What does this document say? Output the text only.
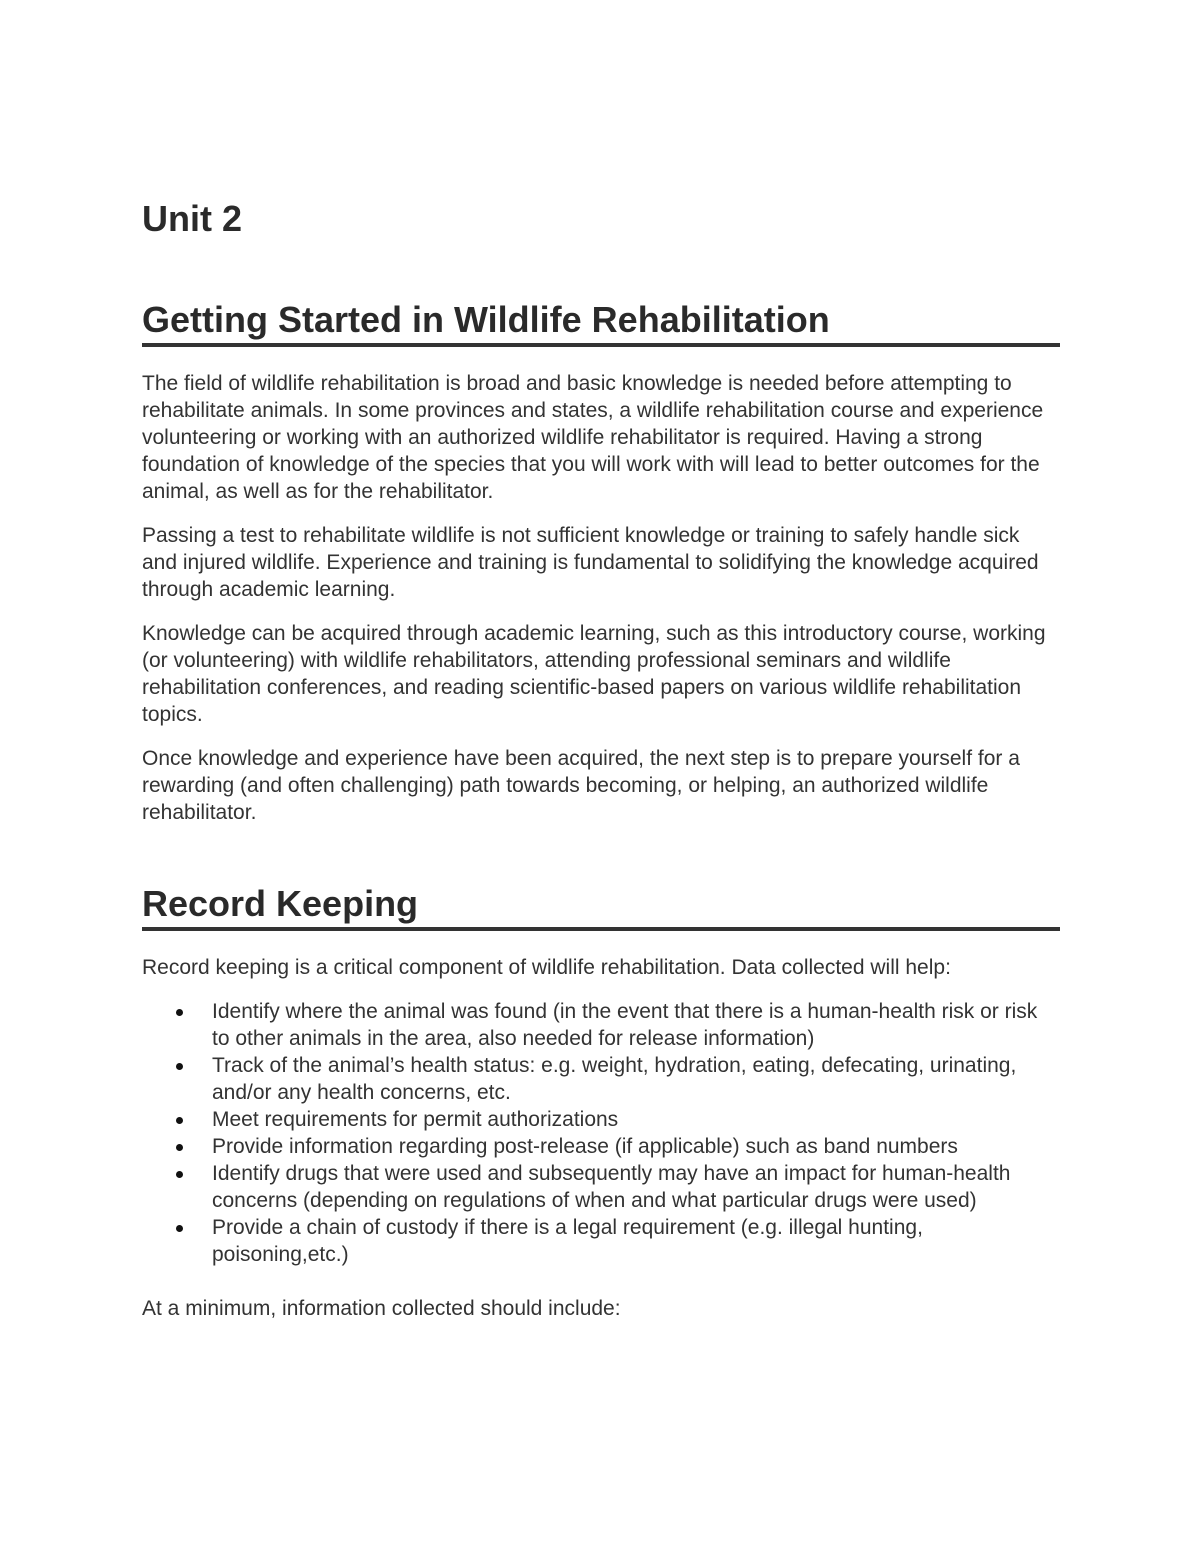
Unit 2
Getting Started in Wildlife Rehabilitation

The field of wildlife rehabilitation is broad and basic knowledge is needed before attempting to rehabilitate animals. In some provinces and states, a wildlife rehabilitation course and experience volunteering or working with an authorized wildlife rehabilitator is required. Having a strong foundation of knowledge of the species that you will work with will lead to better outcomes for the animal, as well as for the rehabilitator.

Passing a test to rehabilitate wildlife is not sufficient knowledge or training to safely handle sick and injured wildlife. Experience and training is fundamental to solidifying the knowledge acquired through academic learning.

Knowledge can be acquired through academic learning, such as this introductory course, working (or volunteering) with wildlife rehabilitators, attending professional seminars and wildlife rehabilitation conferences, and reading scientific-based papers on various wildlife rehabilitation topics.

Once knowledge and experience have been acquired, the next step is to prepare yourself for a rewarding (and often challenging) path towards becoming, or helping, an authorized wildlife rehabilitator.

Record Keeping

Record keeping is a critical component of wildlife rehabilitation. Data collected will help:

Identify where the animal was found (in the event that there is a human-health risk or risk to other animals in the area, also needed for release information)
Track of the animal’s health status: e.g. weight, hydration, eating, defecating, urinating, and/or any health concerns, etc.
Meet requirements for permit authorizations
Provide information regarding post-release (if applicable) such as band numbers
Identify drugs that were used and subsequently may have an impact for human-health concerns (depending on regulations of when and what particular drugs were used)
Provide a chain of custody if there is a legal requirement (e.g. illegal hunting, poisoning,etc.)

At a minimum, information collected should include:
